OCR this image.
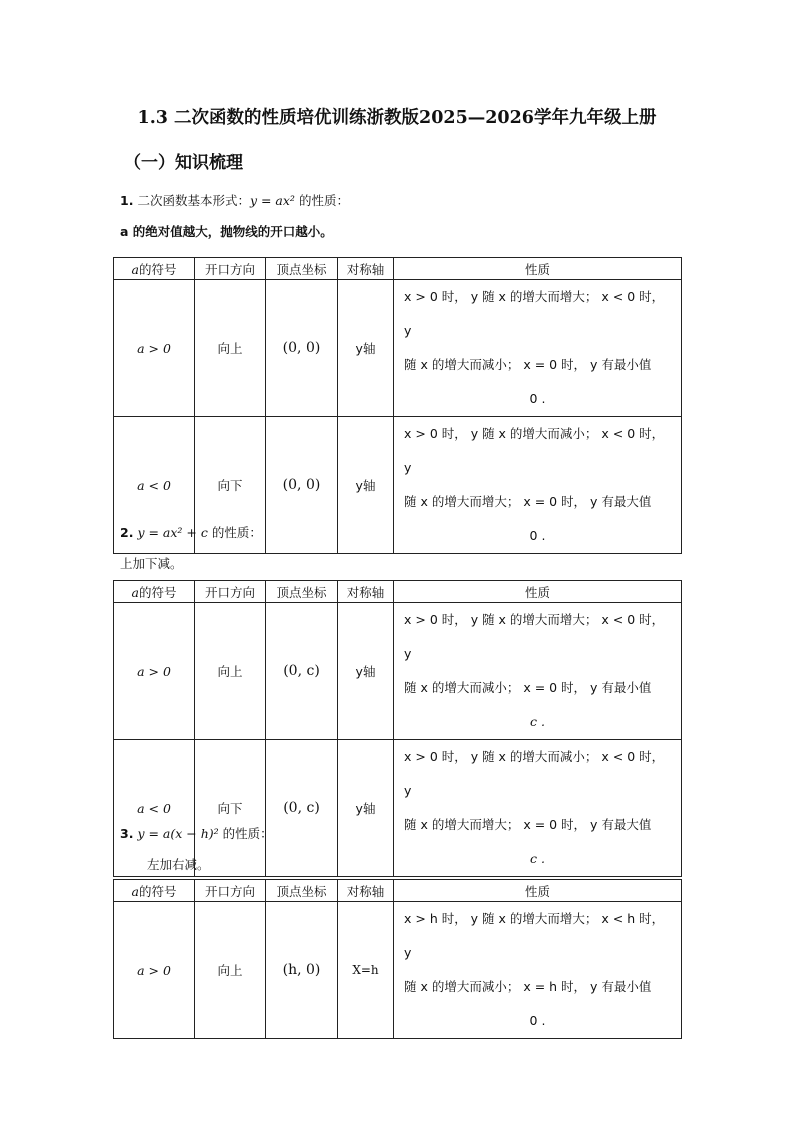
1.3 二次函数的性质培优训练浙教版2025—2026学年九年级上册
（一）知识梳理
1. 二次函数基本形式：y = ax² 的性质：
a 的绝对值越大，抛物线的开口越小。
a的符号	开口方向	顶点坐标	对称轴	性质
a > 0	向上	(0, 0)	y轴	x > 0 时， y 随 x 的增大而增大； x < 0 时， y
随 x 的增大而减小； x = 0 时， y 有最小值

0 .

a < 0	向下	(0, 0)	y轴	x > 0 时， y 随 x 的增大而减小； x < 0 时， y
随 x 的增大而增大； x = 0 时， y 有最大值

0 .
2. y = ax² + c 的性质：
上加下减。
a的符号	开口方向	顶点坐标	对称轴	性质
a > 0	向上	(0, c)	y轴	x > 0 时， y 随 x 的增大而增大； x < 0 时， y
随 x 的增大而减小； x = 0 时， y 有最小值

c .

a < 0	向下	(0, c)	y轴	x > 0 时， y 随 x 的增大而减小； x < 0 时， y
随 x 的增大而增大； x = 0 时， y 有最大值

c .
3. y = a(x − h)² 的性质：
左加右减。
a的符号	开口方向	顶点坐标	对称轴	性质
a > 0	向上	(h, 0)	X=h	x > h 时， y 随 x 的增大而增大； x < h 时， y
随 x 的增大而减小； x = h 时， y 有最小值

0 .
